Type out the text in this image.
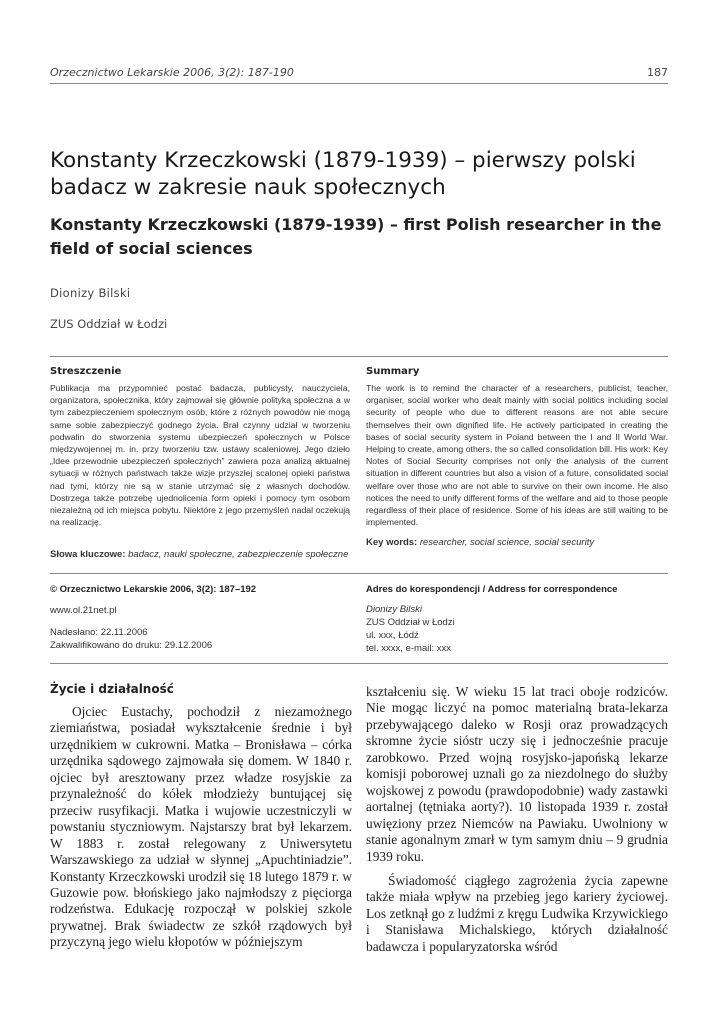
Orzecznictwo Lekarskie 2006, 3(2): 187-190	187
Konstanty Krzeczkowski (1879-1939) – pierwszy polski badacz w zakresie nauk społecznych
Konstanty Krzeczkowski (1879-1939) – first Polish researcher in the field of social sciences
Dionizy Bilski
ZUS Oddział w Łodzi
Streszczenie
Publikacja ma przypomnieć postać badacza, publicysty, nauczyciela, organizatora, społecznika, który zajmował się głównie polityką społeczna a w tym zabezpieczeniem społecznym osób, które z różnych powodów nie mogą same sobie zabezpieczyć godnego życia. Brał czynny udział w tworzeniu podwalin do stworzenia systemu ubezpieczeń społecznych w Polsce międzywojennej m. in. przy tworzeniu tzw. ustawy scaleniowej. Jego dzieło „Idee przewodnie ubezpieczeń społecznych” zawiera poza analizą aktualnej sytuacji w różnych państwach także wizje przyszłej scalonej opieki państwa nad tymi, którzy nie są w stanie utrzymać się z własnych dochodów. Dostrzega także potrzebę ujednolicenia form opieki i pomocy tym osobom niezależną od ich miejsca pobytu. Niektóre z jego przemyśleń nadal oczekują na realizację.
Słowa kluczowe: badacz, nauki społeczne, zabezpieczenie społeczne
Summary
The work is to remind the character of a researchers, publicist, teacher, organiser, social worker who dealt mainly with social politics including social security of people who due to different reasons are not able secure themselves their own dignified life. He actively participated in creating the bases of social security system in Poland between the I and II World War. Helping to create, among others, the so called consolidation bill. His work: Key Notes of Social Security comprises not only the analysis of the current situation in different countries but also a vision of a future, consolidated social welfare over those who are not able to survive on their own income. He also notices the need to unify different forms of the welfare and aid to those people regardless of their place of residence. Some of his ideas are still waiting to be implemented.
Key words: researcher, social science, social security
© Orzecznictwo Lekarskie 2006, 3(2): 187–192
www.ol.21net.pl
Nadesłano: 22.11.2006
Zakwalifikowano do druku: 29.12.2006
Adres do korespondencji / Address for correspondence
Dionizy Bilski
ZUS Oddział w Łodzi
ul. xxx, Łódź
tel. xxxx, e-mail: xxx
Życie i działalność

Ojciec Eustachy, pochodził z niezamożnego ziemiaństwa, posiadał wykształcenie średnie i był urzędnikiem w cukrowni. Matka – Bronisława – córka urzędnika sądowego zajmowała się domem. W 1840 r. ojciec był aresztowany przez władze rosyjskie za przynależność do kółek młodzieży buntującej się przeciw rusyfikacji. Matka i wujowie uczestniczyli w powstaniu styczniowym. Najstarszy brat był lekarzem. W 1883 r. został relegowany z Uniwersytetu Warszawskiego za udział w słynnej „Apuchtiniadzie”. Konstanty Krzeczkowski urodził się 18 lutego 1879 r. w Guzowie pow. błońskiego jako najmłodszy z pięciorga rodzeństwa. Edukację rozpoczął w polskiej szkole prywatnej. Brak świadectw ze szkół rządowych był przyczyną jego wielu kłopotów w późniejszym

kształceniu się. W wieku 15 lat traci oboje rodziców. Nie mogąc liczyć na pomoc materialną brata-lekarza przebywającego daleko w Rosji oraz prowadzących skromne życie sióstr uczy się i jednocześnie pracuje zarobkowo. Przed wojną rosyjsko-japońską lekarze komisji poborowej uznali go za niezdolnego do służby wojskowej z powodu (prawdopodobnie) wady zastawki aortalnej (tętniaka aorty?). 10 listopada 1939 r. został uwięziony przez Niemców na Pawiaku. Uwolniony w stanie agonalnym zmarł w tym samym dniu – 9 grudnia 1939 roku.

Świadomość ciągłego zagrożenia życia zapewne także miała wpływ na przebieg jego kariery życiowej. Los zetknął go z ludźmi z kręgu Ludwika Krzywickiego i Stanisława Michalskiego, których działalność badawcza i popularyzatorska wśród
